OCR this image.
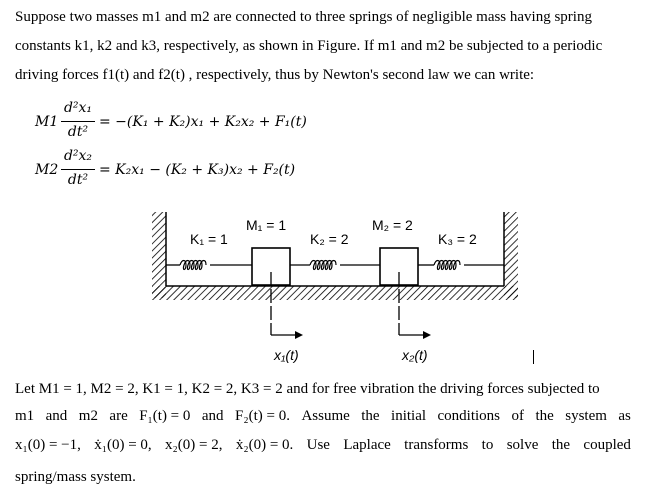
Suppose two masses m1 and m2 are connected to three springs of negligible mass having spring
constants k1, k2 and k3, respectively, as shown in Figure. If m1 and m2 be subjected to a periodic
driving forces f1(t) and f2(t) , respectively, thus by Newton's second law we can write:
M1
d²x₁
dt²
= −(K₁ + K₂)x₁ + K₂x₂ + F₁(t)
M2
d²x₂
dt²
= K₂x₁ − (K₂ + K₃)x₂ + F₂(t)
K₁ = 1
M₁ = 1
K₂ = 2
M₂ = 2
K₃ = 2
x₁(t)	x₂(t)
Let M1 = 1, M2 = 2, K1 = 1, K2 = 2, K3 = 2 and for free vibration the driving forces subjected to
m1 and m2 are F₁(t) = 0 and F₂(t) = 0. Assume the initial conditions of the system as
x₁(0) = −1, ẋ₁(0) = 0, x₂(0) = 2, ẋ₂(0) = 0. Use Laplace transforms to solve the coupled
spring/mass system.
